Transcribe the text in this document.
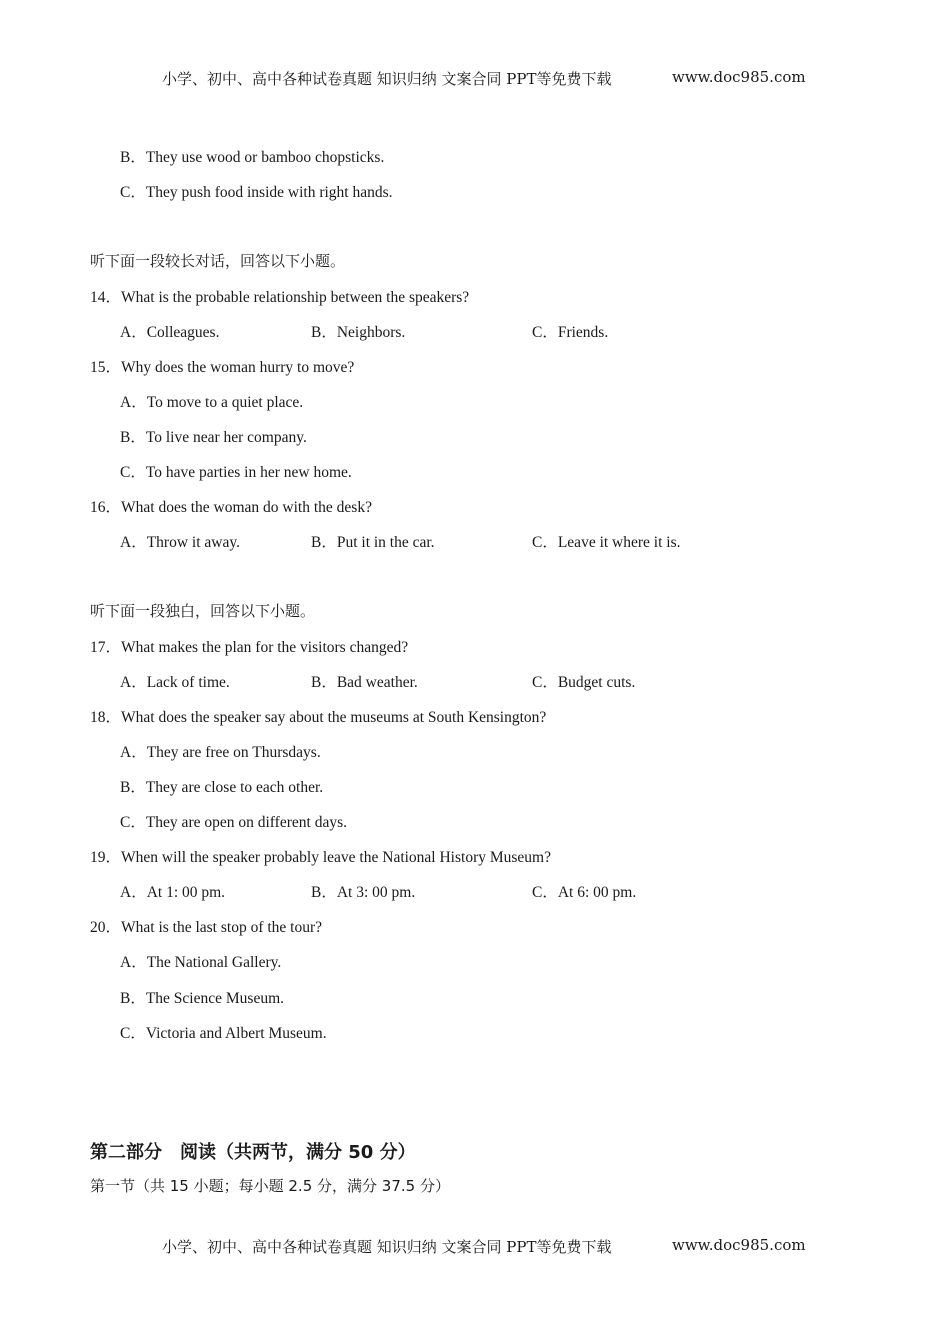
小学、初中、高中各种试卷真题 知识归纳 文案合同 PPT等免费下载	www.doc985.com
B．They use wood or bamboo chopsticks.
C．They push food inside with right hands.
听下面一段较长对话，回答以下小题。
14．What is the probable relationship between the speakers?
A．Colleagues.	B．Neighbors.	C．Friends.
15．Why does the woman hurry to move?
A．To move to a quiet place.
B．To live near her company.
C．To have parties in her new home.
16．What does the woman do with the desk?
A．Throw it away.	B．Put it in the car.	C．Leave it where it is.
听下面一段独白，回答以下小题。
17．What makes the plan for the visitors changed?
A．Lack of time.	B．Bad weather.	C．Budget cuts.
18．What does the speaker say about the museums at South Kensington?
A．They are free on Thursdays.
B．They are close to each other.
C．They are open on different days.
19．When will the speaker probably leave the National History Museum?
A．At 1: 00 pm.	B．At 3: 00 pm.	C．At 6: 00 pm.
20．What is the last stop of the tour?
A．The National Gallery.
B．The Science Museum.
C．Victoria and Albert Museum.
第二部分　阅读（共两节，满分 50 分）
第一节（共 15 小题；每小题 2.5 分，满分 37.5 分）
小学、初中、高中各种试卷真题 知识归纳 文案合同 PPT等免费下载	www.doc985.com
